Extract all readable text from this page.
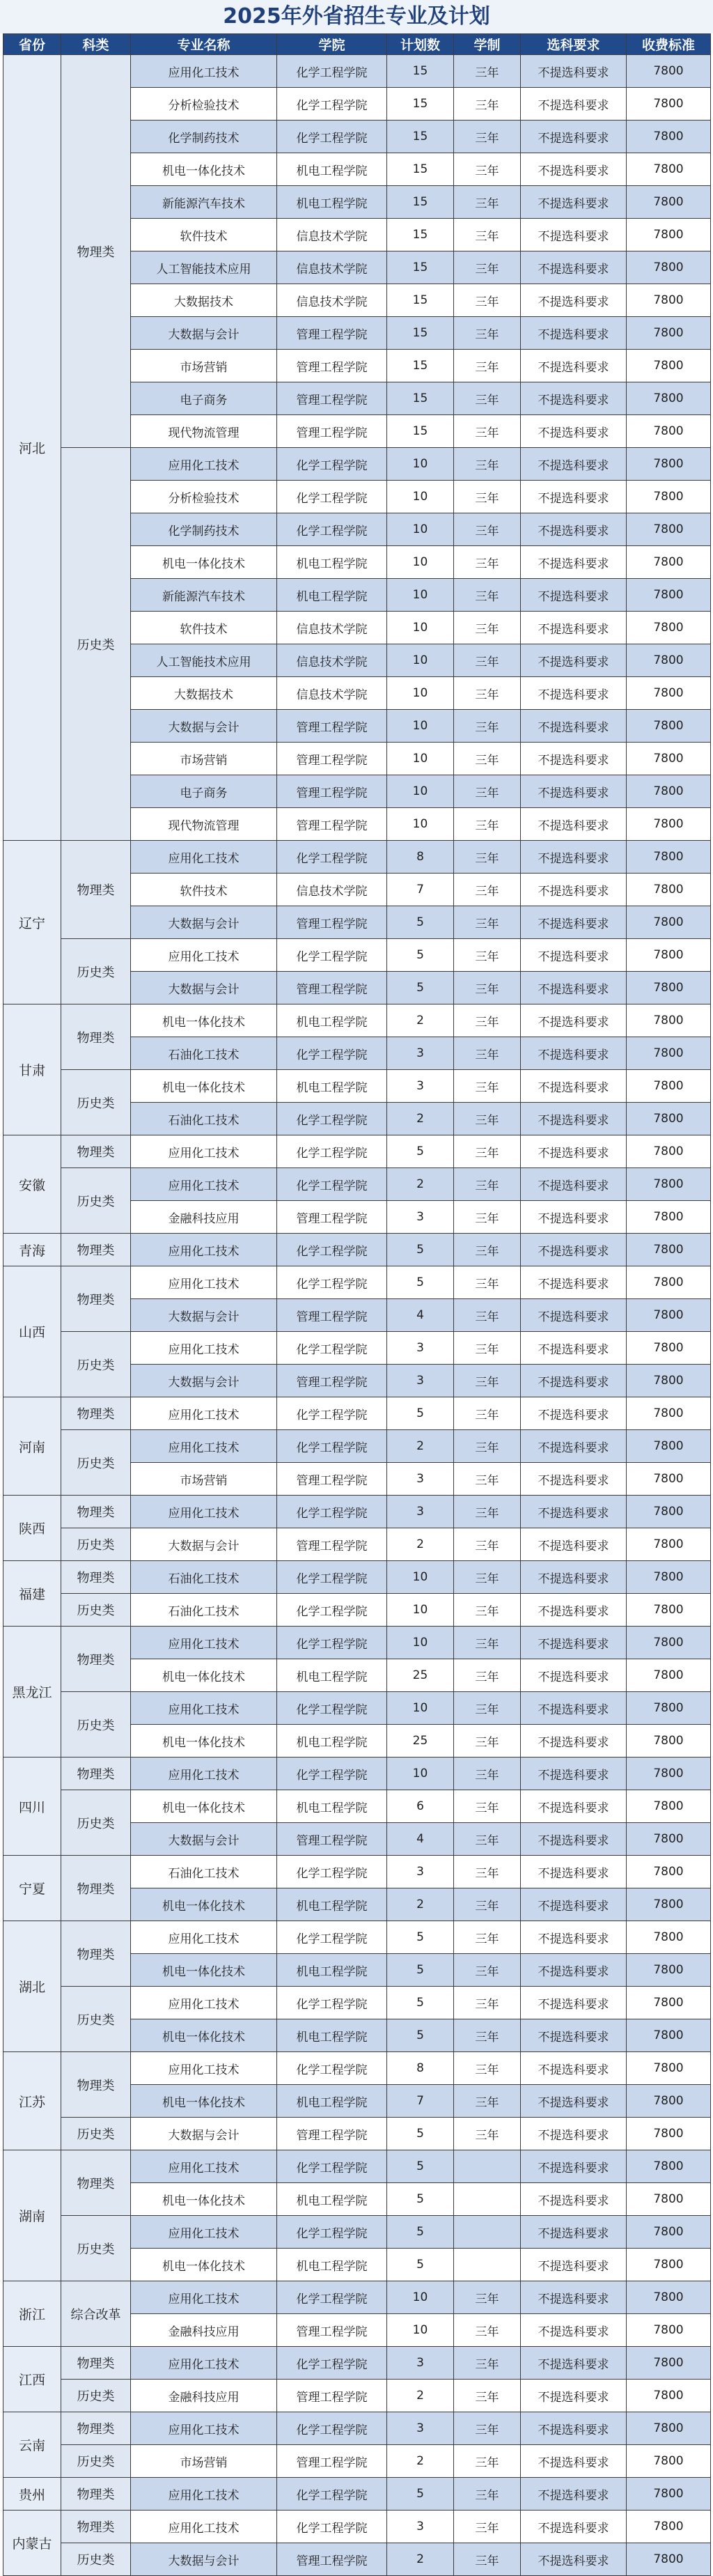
2025年外省招生专业及计划
省份	科类	专业名称	学院	计划数	学制	选科要求	收费标准
河北	物理类	应用化工技术	化学工程学院	15	三年	不提选科要求	7800
		分析检验技术	化学工程学院	15	三年	不提选科要求	7800
		化学制药技术	化学工程学院	15	三年	不提选科要求	7800
		机电一体化技术	机电工程学院	15	三年	不提选科要求	7800
		新能源汽车技术	机电工程学院	15	三年	不提选科要求	7800
		软件技术	信息技术学院	15	三年	不提选科要求	7800
		人工智能技术应用	信息技术学院	15	三年	不提选科要求	7800
		大数据技术	信息技术学院	15	三年	不提选科要求	7800
		大数据与会计	管理工程学院	15	三年	不提选科要求	7800
		市场营销	管理工程学院	15	三年	不提选科要求	7800
		电子商务	管理工程学院	15	三年	不提选科要求	7800
		现代物流管理	管理工程学院	15	三年	不提选科要求	7800
	历史类	应用化工技术	化学工程学院	10	三年	不提选科要求	7800
		分析检验技术	化学工程学院	10	三年	不提选科要求	7800
		化学制药技术	化学工程学院	10	三年	不提选科要求	7800
		机电一体化技术	机电工程学院	10	三年	不提选科要求	7800
		新能源汽车技术	机电工程学院	10	三年	不提选科要求	7800
		软件技术	信息技术学院	10	三年	不提选科要求	7800
		人工智能技术应用	信息技术学院	10	三年	不提选科要求	7800
		大数据技术	信息技术学院	10	三年	不提选科要求	7800
		大数据与会计	管理工程学院	10	三年	不提选科要求	7800
		市场营销	管理工程学院	10	三年	不提选科要求	7800
		电子商务	管理工程学院	10	三年	不提选科要求	7800
		现代物流管理	管理工程学院	10	三年	不提选科要求	7800
辽宁	物理类	应用化工技术	化学工程学院	8	三年	不提选科要求	7800
		软件技术	信息技术学院	7	三年	不提选科要求	7800
		大数据与会计	管理工程学院	5	三年	不提选科要求	7800
	历史类	应用化工技术	化学工程学院	5	三年	不提选科要求	7800
		大数据与会计	管理工程学院	5	三年	不提选科要求	7800
甘肃	物理类	机电一体化技术	机电工程学院	2	三年	不提选科要求	7800
		石油化工技术	化学工程学院	3	三年	不提选科要求	7800
	历史类	机电一体化技术	机电工程学院	3	三年	不提选科要求	7800
		石油化工技术	化学工程学院	2	三年	不提选科要求	7800
安徽	物理类	应用化工技术	化学工程学院	5	三年	不提选科要求	7800
	历史类	应用化工技术	化学工程学院	2	三年	不提选科要求	7800
		金融科技应用	管理工程学院	3	三年	不提选科要求	7800
青海	物理类	应用化工技术	化学工程学院	5	三年	不提选科要求	7800
山西	物理类	应用化工技术	化学工程学院	5	三年	不提选科要求	7800
		大数据与会计	管理工程学院	4	三年	不提选科要求	7800
	历史类	应用化工技术	化学工程学院	3	三年	不提选科要求	7800
		大数据与会计	管理工程学院	3	三年	不提选科要求	7800
河南	物理类	应用化工技术	化学工程学院	5	三年	不提选科要求	7800
	历史类	应用化工技术	化学工程学院	2	三年	不提选科要求	7800
		市场营销	管理工程学院	3	三年	不提选科要求	7800
陕西	物理类	应用化工技术	化学工程学院	3	三年	不提选科要求	7800
	历史类	大数据与会计	管理工程学院	2	三年	不提选科要求	7800
福建	物理类	石油化工技术	化学工程学院	10	三年	不提选科要求	7800
	历史类	石油化工技术	化学工程学院	10	三年	不提选科要求	7800
黑龙江	物理类	应用化工技术	化学工程学院	10	三年	不提选科要求	7800
		机电一体化技术	机电工程学院	25	三年	不提选科要求	7800
	历史类	应用化工技术	化学工程学院	10	三年	不提选科要求	7800
		机电一体化技术	机电工程学院	25	三年	不提选科要求	7800
四川	物理类	应用化工技术	化学工程学院	10	三年	不提选科要求	7800
	历史类	机电一体化技术	机电工程学院	6	三年	不提选科要求	7800
		大数据与会计	管理工程学院	4	三年	不提选科要求	7800
宁夏	物理类	石油化工技术	化学工程学院	3	三年	不提选科要求	7800
		机电一体化技术	机电工程学院	2	三年	不提选科要求	7800
湖北	物理类	应用化工技术	化学工程学院	5	三年	不提选科要求	7800
		机电一体化技术	机电工程学院	5	三年	不提选科要求	7800
	历史类	应用化工技术	化学工程学院	5	三年	不提选科要求	7800
		机电一体化技术	机电工程学院	5	三年	不提选科要求	7800
江苏	物理类	应用化工技术	化学工程学院	8	三年	不提选科要求	7800
		机电一体化技术	机电工程学院	7	三年	不提选科要求	7800
	历史类	大数据与会计	管理工程学院	5	三年	不提选科要求	7800
湖南	物理类	应用化工技术	化学工程学院	5		不提选科要求	7800
		机电一体化技术	机电工程学院	5		不提选科要求	7800
	历史类	应用化工技术	化学工程学院	5		不提选科要求	7800
		机电一体化技术	机电工程学院	5		不提选科要求	7800
浙江	综合改革	应用化工技术	化学工程学院	10	三年	不提选科要求	7800
		金融科技应用	管理工程学院	10	三年	不提选科要求	7800
江西	物理类	应用化工技术	化学工程学院	3	三年	不提选科要求	7800
	历史类	金融科技应用	管理工程学院	2	三年	不提选科要求	7800
云南	物理类	应用化工技术	化学工程学院	3	三年	不提选科要求	7800
	历史类	市场营销	管理工程学院	2	三年	不提选科要求	7800
贵州	物理类	应用化工技术	化学工程学院	5	三年	不提选科要求	7800
内蒙古	物理类	应用化工技术	化学工程学院	3	三年	不提选科要求	7800
	历史类	大数据与会计	管理工程学院	2	三年	不提选科要求	7800
